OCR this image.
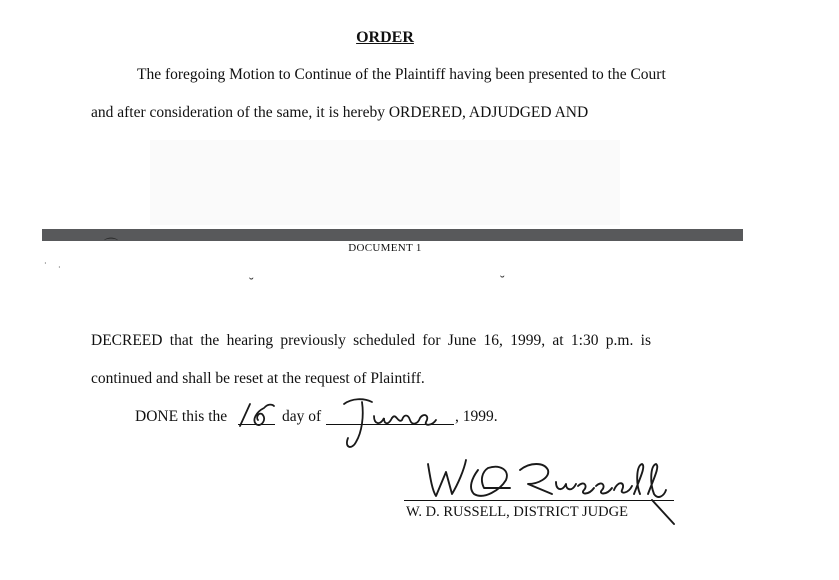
ORDER
The foregoing Motion to Continue of the Plaintiff having been presented to the Court
and after consideration of the same, it is hereby ORDERED, ADJUDGED AND
DOCUMENT 1
⌒
· ·
˘	˘
DECREED that the hearing previously scheduled for June 16, 1999, at 1:30 p.m. is
continued and shall be reset at the request of Plaintiff.
DONE this the	day of	, 1999.
W. D. RUSSELL, DISTRICT JUDGE
